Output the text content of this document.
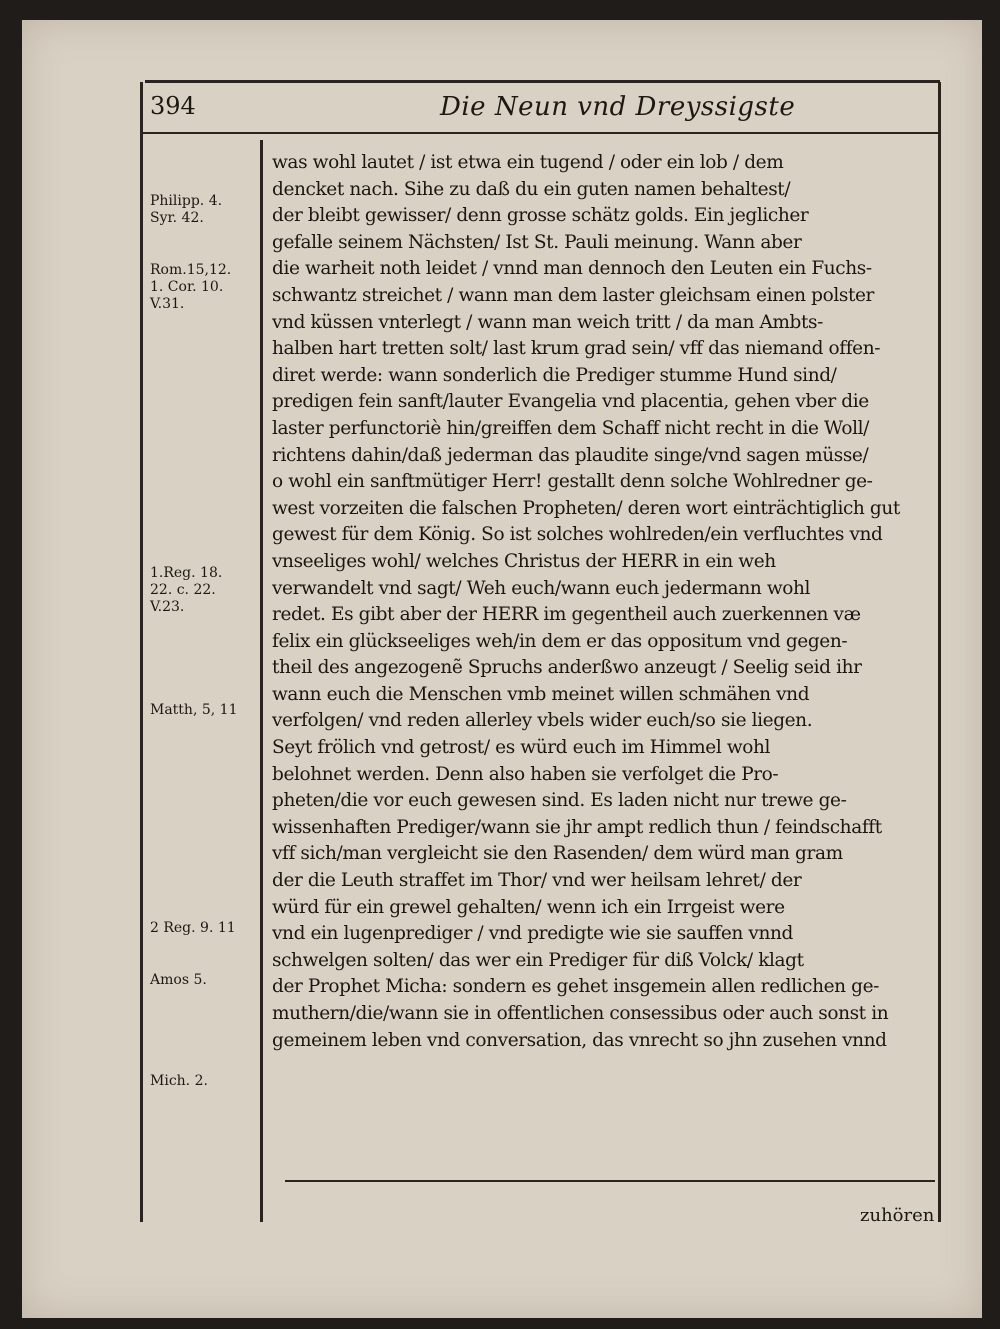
394	Die Neun vnd Dreyssigste
Philipp. 4.
Syr. 42.
Rom.15,12.
1. Cor. 10.
V.31.
1.Reg. 18.
22. c. 22.
V.23.
Matth, 5, 11
2 Reg. 9. 11
Amos 5.
Mich. 2.
was wohl lautet / ist etwa ein tugend / oder ein lob / dem
dencket nach. Sihe zu daß du ein guten namen behaltest/
der bleibt gewisser/ denn grosse schätz golds. Ein jeglicher
gefalle seinem Nächsten/ Ist St. Pauli meinung. Wann aber
die warheit noth leidet / vnnd man dennoch den Leuten ein Fuchs-
schwantz streichet / wann man dem laster gleichsam einen polster
vnd küssen vnterlegt / wann man weich tritt / da man Ambts-
halben hart tretten solt/ last krum grad sein/ vff das niemand offen-
diret werde: wann sonderlich die Prediger stumme Hund sind/
predigen fein sanft/lauter Evangelia vnd placentia, gehen vber die
laster perfunctoriè hin/greiffen dem Schaff nicht recht in die Woll/
richtens dahin/daß jederman das plaudite singe/vnd sagen müsse/
o wohl ein sanftmütiger Herr! gestallt denn solche Wohlredner ge-
west vorzeiten die falschen Propheten/ deren wort einträchtiglich gut
gewest für dem König. So ist solches wohlreden/ein verfluchtes vnd
vnseeliges wohl/ welches Christus der HERR in ein weh
verwandelt vnd sagt/ Weh euch/wann euch jedermann wohl
redet. Es gibt aber der HERR im gegentheil auch zuerkennen væ
felix ein glückseeliges weh/in dem er das oppositum vnd gegen-
theil des angezogenẽ Spruchs anderßwo anzeugt / Seelig seid ihr
wann euch die Menschen vmb meinet willen schmähen vnd
verfolgen/ vnd reden allerley vbels wider euch/so sie liegen.
Seyt frölich vnd getrost/ es würd euch im Himmel wohl
belohnet werden. Denn also haben sie verfolget die Pro-
pheten/die vor euch gewesen sind. Es laden nicht nur trewe ge-
wissenhaften Prediger/wann sie jhr ampt redlich thun / feindschafft
vff sich/man vergleicht sie den Rasenden/ dem würd man gram
der die Leuth straffet im Thor/ vnd wer heilsam lehret/ der
würd für ein grewel gehalten/ wenn ich ein Irrgeist were
vnd ein lugenprediger / vnd predigte wie sie sauffen vnnd
schwelgen solten/ das wer ein Prediger für diß Volck/ klagt
der Prophet Micha: sondern es gehet insgemein allen redlichen ge-
muthern/die/wann sie in offentlichen consessibus oder auch sonst in
gemeinem leben vnd conversation, das vnrecht so jhn zusehen vnnd
zuhören
